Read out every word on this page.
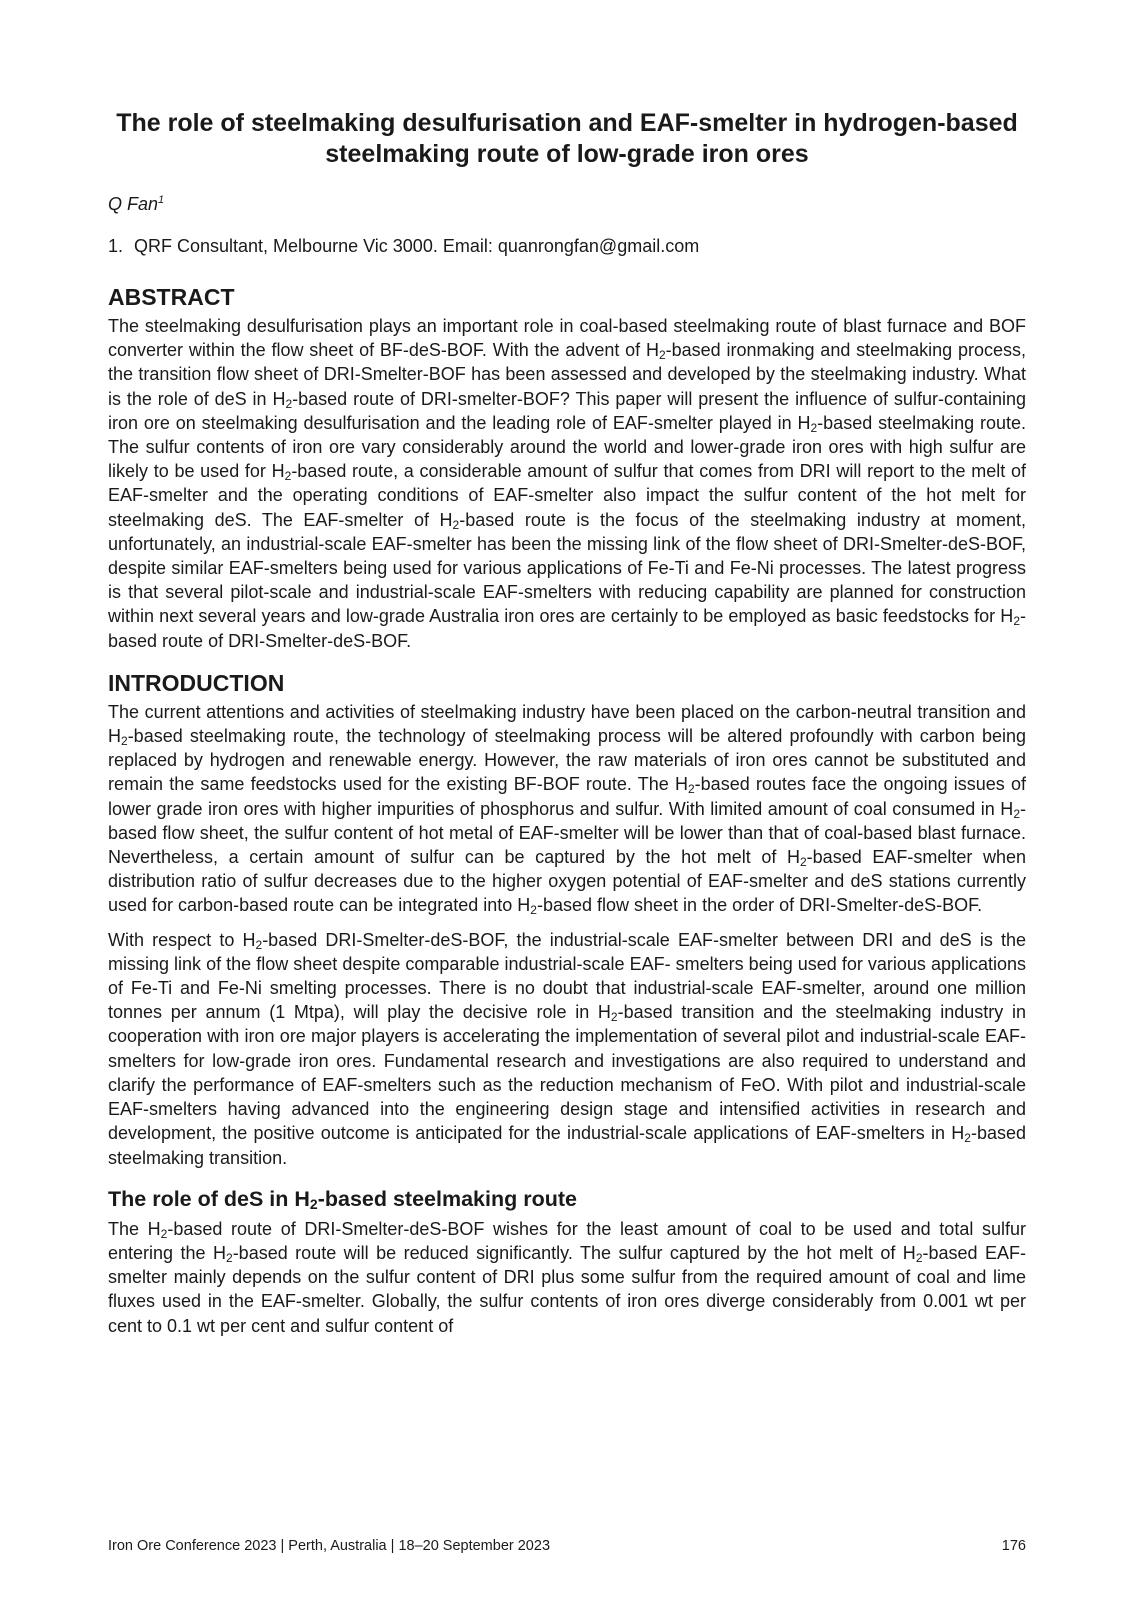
The role of steelmaking desulfurisation and EAF-smelter in hydrogen-based steelmaking route of low-grade iron ores
Q Fan$^1$
1. QRF Consultant, Melbourne Vic 3000. Email: quanrongfan@gmail.com
ABSTRACT

The steelmaking desulfurisation plays an important role in coal-based steelmaking route of blast furnace and BOF converter within the flow sheet of BF-deS-BOF. With the advent of $H_2$-based ironmaking and steelmaking process, the transition flow sheet of DRI-Smelter-BOF has been assessed and developed by the steelmaking industry. What is the role of deS in $H_2$-based route of DRI-smelter-BOF? This paper will present the influence of sulfur-containing iron ore on steelmaking desulfurisation and the leading role of EAF-smelter played in $H_2$-based steelmaking route. The sulfur contents of iron ore vary considerably around the world and lower-grade iron ores with high sulfur are likely to be used for $H_2$-based route, a considerable amount of sulfur that comes from DRI will report to the melt of EAF-smelter and the operating conditions of EAF-smelter also impact the sulfur content of the hot melt for steelmaking deS. The EAF-smelter of $H_2$-based route is the focus of the steelmaking industry at moment, unfortunately, an industrial-scale EAF-smelter has been the missing link of the flow sheet of DRI-Smelter-deS-BOF, despite similar EAF-smelters being used for various applications of Fe-Ti and Fe-Ni processes. The latest progress is that several pilot-scale and industrial-scale EAF-smelters with reducing capability are planned for construction within next several years and low-grade Australia iron ores are certainly to be employed as basic feedstocks for $H_2$-based route of DRI-Smelter-deS-BOF.

INTRODUCTION

The current attentions and activities of steelmaking industry have been placed on the carbon-neutral transition and $H_2$-based steelmaking route, the technology of steelmaking process will be altered profoundly with carbon being replaced by hydrogen and renewable energy. However, the raw materials of iron ores cannot be substituted and remain the same feedstocks used for the existing BF-BOF route. The $H_2$-based routes face the ongoing issues of lower grade iron ores with higher impurities of phosphorus and sulfur. With limited amount of coal consumed in $H_2$-based flow sheet, the sulfur content of hot metal of EAF-smelter will be lower than that of coal-based blast furnace. Nevertheless, a certain amount of sulfur can be captured by the hot melt of $H_2$-based EAF-smelter when distribution ratio of sulfur decreases due to the higher oxygen potential of EAF-smelter and deS stations currently used for carbon-based route can be integrated into $H_2$-based flow sheet in the order of DRI-Smelter-deS-BOF.

With respect to $H_2$-based DRI-Smelter-deS-BOF, the industrial-scale EAF-smelter between DRI and deS is the missing link of the flow sheet despite comparable industrial-scale EAF- smelters being used for various applications of Fe-Ti and Fe-Ni smelting processes. There is no doubt that industrial-scale EAF-smelter, around one million tonnes per annum (1 Mtpa), will play the decisive role in $H_2$-based transition and the steelmaking industry in cooperation with iron ore major players is accelerating the implementation of several pilot and industrial-scale EAF-smelters for low-grade iron ores. Fundamental research and investigations are also required to understand and clarify the performance of EAF-smelters such as the reduction mechanism of FeO. With pilot and industrial-scale EAF-smelters having advanced into the engineering design stage and intensified activities in research and development, the positive outcome is anticipated for the industrial-scale applications of EAF-smelters in $H_2$-based steelmaking transition.

The role of deS in $H_2$-based steelmaking route

The $H_2$-based route of DRI-Smelter-deS-BOF wishes for the least amount of coal to be used and total sulfur entering the $H_2$-based route will be reduced significantly. The sulfur captured by the hot melt of $H_2$-based EAF-smelter mainly depends on the sulfur content of DRI plus some sulfur from the required amount of coal and lime fluxes used in the EAF-smelter. Globally, the sulfur contents of iron ores diverge considerably from 0.001 wt per cent to 0.1 wt per cent and sulfur content of

Iron Ore Conference 2023 | Perth, Australia | 18–20 September 2023	176
